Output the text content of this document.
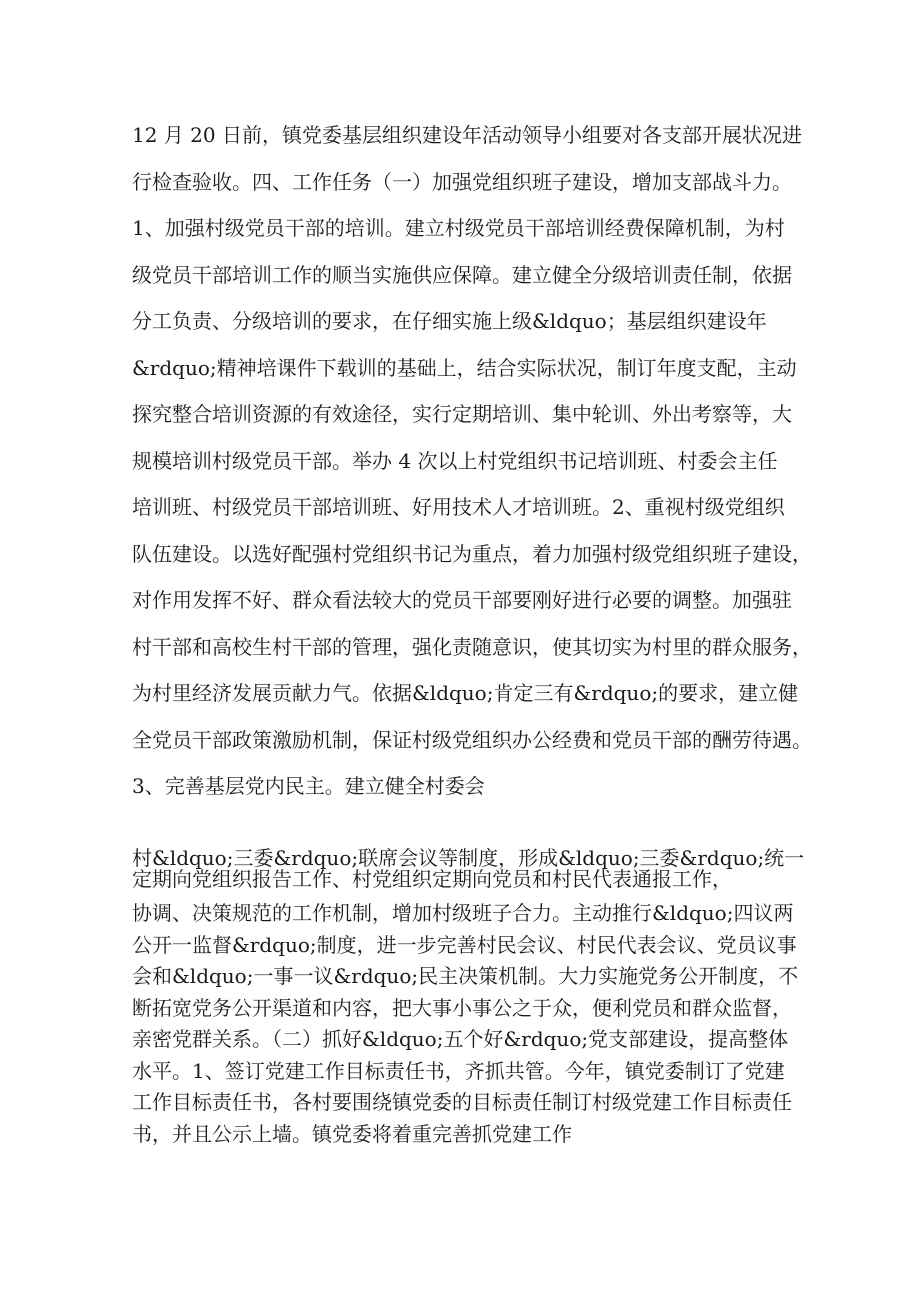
12 月 20 日前，镇党委基层组织建设年活动领导小组要对各支部开展状况进
行检查验收。四、工作任务（一）加强党组织班子建设，增加支部战斗力。
1、加强村级党员干部的培训。建立村级党员干部培训经费保障机制，为村
级党员干部培训工作的顺当实施供应保障。建立健全分级培训责任制，依据
分工负责、分级培训的要求，在仔细实施上级&ldquo；基层组织建设年
&rdquo;精神培课件下载训的基础上，结合实际状况，制订年度支配，主动
探究整合培训资源的有效途径，实行定期培训、集中轮训、外出考察等，大
规模培训村级党员干部。举办 4 次以上村党组织书记培训班、村委会主任
培训班、村级党员干部培训班、好用技术人才培训班。2、重视村级党组织
队伍建设。以选好配强村党组织书记为重点，着力加强村级党组织班子建设，
对作用发挥不好、群众看法较大的党员干部要刚好进行必要的调整。加强驻
村干部和高校生村干部的管理，强化责随意识，使其切实为村里的群众服务，
为村里经济发展贡献力气。依据&ldquo;肯定三有&rdquo;的要求，建立健
全党员干部政策激励机制，保证村级党组织办公经费和党员干部的酬劳待遇。
3、完善基层党内民主。建立健全村委会
定期向党组织报告工作、村党组织定期向党员和村民代表通报工作，
村&ldquo;三委&rdquo;联席会议等制度，形成&ldquo;三委&rdquo;统一
协调、决策规范的工作机制，增加村级班子合力。主动推行&ldquo;四议两
公开一监督&rdquo;制度，进一步完善村民会议、村民代表会议、党员议事
会和&ldquo;一事一议&rdquo;民主决策机制。大力实施党务公开制度，不
断拓宽党务公开渠道和内容，把大事小事公之于众，便利党员和群众监督，
亲密党群关系。（二）抓好&ldquo;五个好&rdquo;党支部建设，提高整体
水平。1、签订党建工作目标责任书，齐抓共管。今年，镇党委制订了党建
工作目标责任书，各村要围绕镇党委的目标责任制订村级党建工作目标责任
书，并且公示上墙。镇党委将着重完善抓党建工作
